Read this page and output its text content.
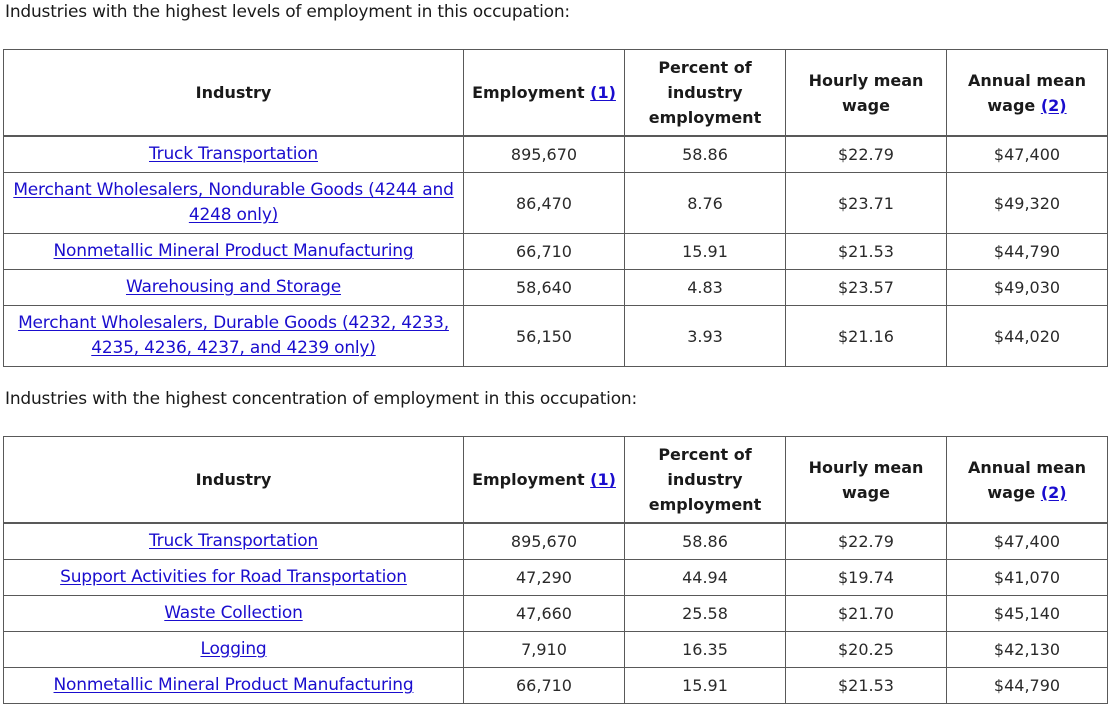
Industries with the highest levels of employment in this occupation:
Industry	Employment (1)	Percent of industry employment	Hourly mean wage	Annual mean wage (2)
Truck Transportation	895,670	58.86	$22.79	$47,400
Merchant Wholesalers, Nondurable Goods (4244 and 4248 only)	86,470	8.76	$23.71	$49,320
Nonmetallic Mineral Product Manufacturing	66,710	15.91	$21.53	$44,790
Warehousing and Storage	58,640	4.83	$23.57	$49,030
Merchant Wholesalers, Durable Goods (4232, 4233, 4235, 4236, 4237, and 4239 only)	56,150	3.93	$21.16	$44,020
Industries with the highest concentration of employment in this occupation:
Industry	Employment (1)	Percent of industry employment	Hourly mean wage	Annual mean wage (2)
Truck Transportation	895,670	58.86	$22.79	$47,400
Support Activities for Road Transportation	47,290	44.94	$19.74	$41,070
Waste Collection	47,660	25.58	$21.70	$45,140
Logging	7,910	16.35	$20.25	$42,130
Nonmetallic Mineral Product Manufacturing	66,710	15.91	$21.53	$44,790
